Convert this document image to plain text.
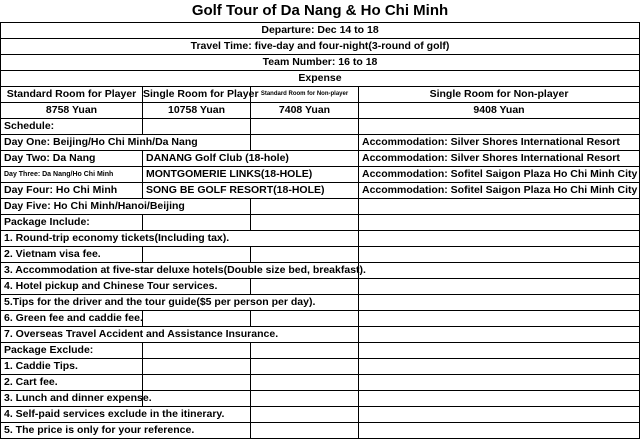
Golf Tour of Da Nang & Ho Chi Minh
Departure: Dec 14 to 18			
Travel Time: five-day and four-night(3-round of golf)			
Team Number: 16 to 18			
Expense			
Standard Room for Player	Single Room for Player	Standard Room for Non-player	Single Room for Non-player
8758 Yuan	10758 Yuan	7408 Yuan	9408 Yuan
Schedule:			
Day One: Beijing/Ho Chi Minh/Da Nang			Accommodation: Silver Shores International Resort
Day Two: Da Nang	DANANG Golf Club (18-hole)		Accommodation: Silver Shores International Resort
Day Three: Da Nang/Ho Chi Minh	MONTGOMERIE LINKS(18-HOLE)		Accommodation: Sofitel Saigon Plaza Ho Chi Minh City
Day Four: Ho Chi Minh	SONG BE GOLF RESORT(18-HOLE)		Accommodation: Sofitel Saigon Plaza Ho Chi Minh City
Day Five: Ho Chi Minh/Hanoi/Beijing			
Package Include:			
1. Round-trip economy tickets(Including tax).			
2. Vietnam visa fee.			
3. Accommodation at five-star deluxe hotels(Double size bed, breakfast).			
4. Hotel pickup and Chinese Tour services.			
5.Tips for the driver and the tour guide($5 per person per day).			
6. Green fee and caddie fee.			
7. Overseas Travel Accident and Assistance Insurance.			
Package Exclude:			
1. Caddie Tips.			
2. Cart fee.			
3. Lunch and dinner expense.			
4. Self-paid services exclude in the itinerary.			
5. The price is only for your reference.			
